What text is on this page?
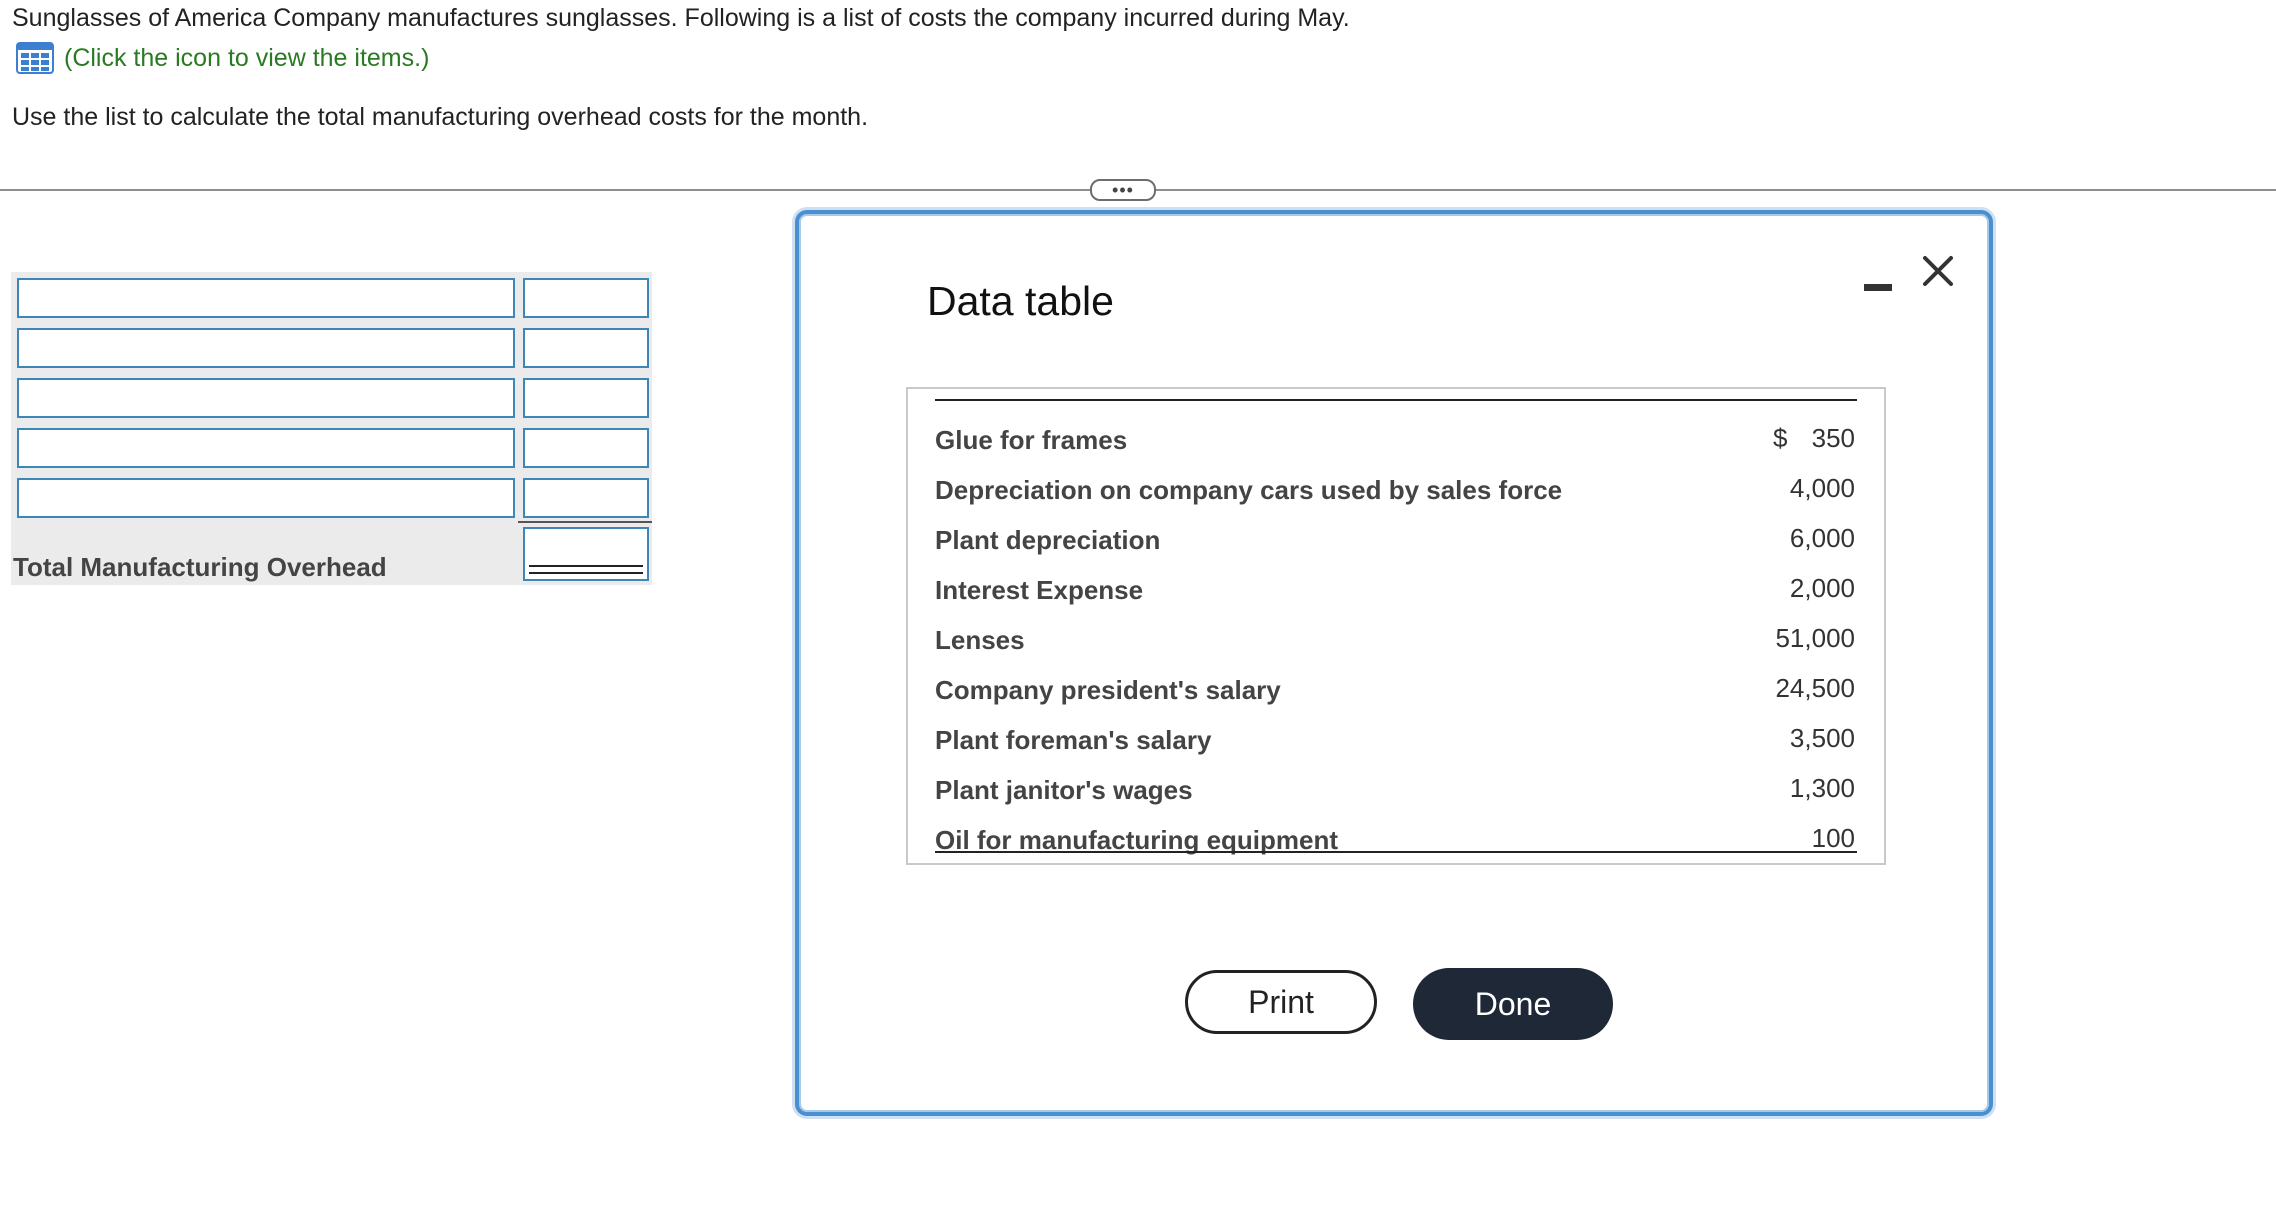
Sunglasses of America Company manufactures sunglasses. Following is a list of costs the company incurred during May.
(Click the icon to view the items.)
Use the list to calculate the total manufacturing overhead costs for the month.
•••
Total Manufacturing Overhead
Data table
Glue for frames	$ 350
Depreciation on company cars used by sales force	4,000
Plant depreciation	6,000
Interest Expense	2,000
Lenses	51,000
Company president's salary	24,500
Plant foreman's salary	3,500
Plant janitor's wages	1,300
Oil for manufacturing equipment	100
Print	Done
